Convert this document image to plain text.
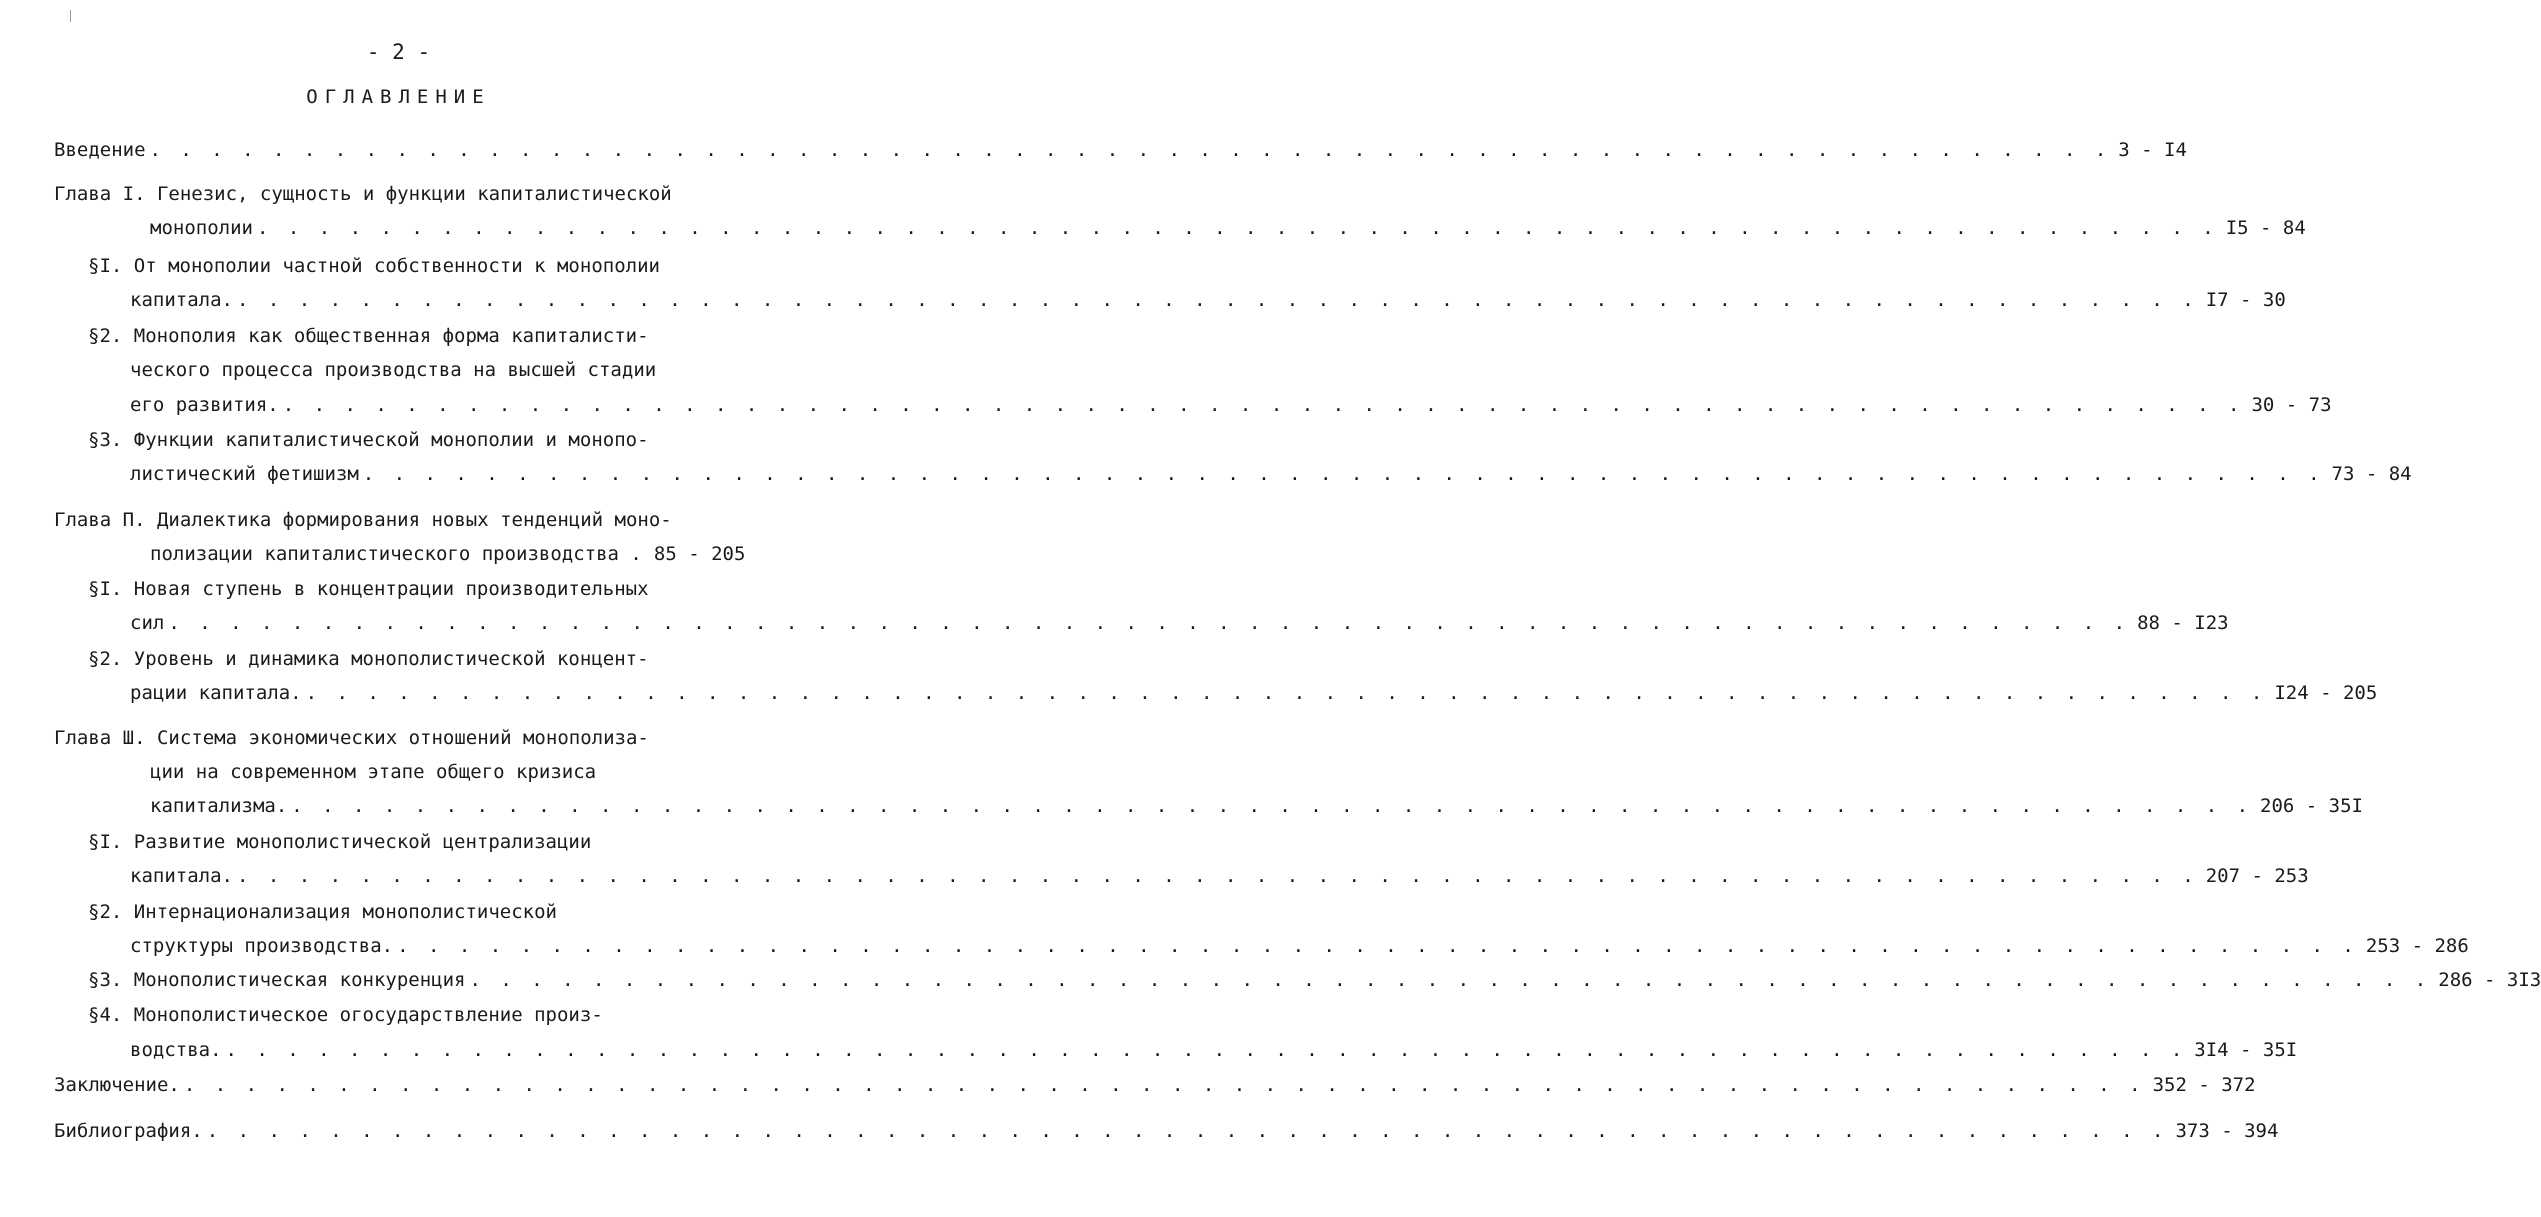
- 2 -
ОГЛАВЛЕНИЕ
Введение . . . . . . . . . . . . . . . . . . . . . . . . . . . . . . . . . . . . . . . . . . . . . . . . . . . . . . . . . . . . . . . . 3 - I4
Глава I. Генезис, сущность и функции капиталистической
монополии . . . . . . . . . . . . . . . . . . . . . . . . . . . . . . . . . . . . . . . . . . . . . . . . . . . . . . . . . . . . . . . . I5 - 84
§I. От монополии частной собственности к монополии
капитала. . . . . . . . . . . . . . . . . . . . . . . . . . . . . . . . . . . . . . . . . . . . . . . . . . . . . . . . . . . . . . . . . I7 - 30
§2. Монополия как общественная форма капиталисти-
ческого процесса производства на высшей стадии
его развития. . . . . . . . . . . . . . . . . . . . . . . . . . . . . . . . . . . . . . . . . . . . . . . . . . . . . . . . . . . . . . . . . 30 - 73
§3. Функции капиталистической монополии и монопо-
листический фетишизм . . . . . . . . . . . . . . . . . . . . . . . . . . . . . . . . . . . . . . . . . . . . . . . . . . . . . . . . . . . . . . . . 73 - 84
Глава П. Диалектика формирования новых тенденций моно-
полизации капиталистического производства . 85 - 205
§I. Новая ступень в концентрации производительных
сил . . . . . . . . . . . . . . . . . . . . . . . . . . . . . . . . . . . . . . . . . . . . . . . . . . . . . . . . . . . . . . . . 88 - I23
§2. Уровень и динамика монополистической концент-
рации капитала. . . . . . . . . . . . . . . . . . . . . . . . . . . . . . . . . . . . . . . . . . . . . . . . . . . . . . . . . . . . . . . . . I24 - 205
Глава Ш. Система экономических отношений монополиза-
ции на современном этапе общего кризиса
капитализма. . . . . . . . . . . . . . . . . . . . . . . . . . . . . . . . . . . . . . . . . . . . . . . . . . . . . . . . . . . . . . . . . 206 - 35I
§I. Развитие монополистической централизации
капитала. . . . . . . . . . . . . . . . . . . . . . . . . . . . . . . . . . . . . . . . . . . . . . . . . . . . . . . . . . . . . . . . . 207 - 253
§2. Интернационализация монополистической
структуры производства. . . . . . . . . . . . . . . . . . . . . . . . . . . . . . . . . . . . . . . . . . . . . . . . . . . . . . . . . . . . . . . . . 253 - 286
§3. Монополистическая конкуренция . . . . . . . . . . . . . . . . . . . . . . . . . . . . . . . . . . . . . . . . . . . . . . . . . . . . . . . . . . . . . . . . 286 - 3I3
§4. Монополистическое огосударствление произ-
водства. . . . . . . . . . . . . . . . . . . . . . . . . . . . . . . . . . . . . . . . . . . . . . . . . . . . . . . . . . . . . . . . . 3I4 - 35I
Заключение. . . . . . . . . . . . . . . . . . . . . . . . . . . . . . . . . . . . . . . . . . . . . . . . . . . . . . . . . . . . . . . . . 352 - 372
Библиография. . . . . . . . . . . . . . . . . . . . . . . . . . . . . . . . . . . . . . . . . . . . . . . . . . . . . . . . . . . . . . . . . 373 - 394
